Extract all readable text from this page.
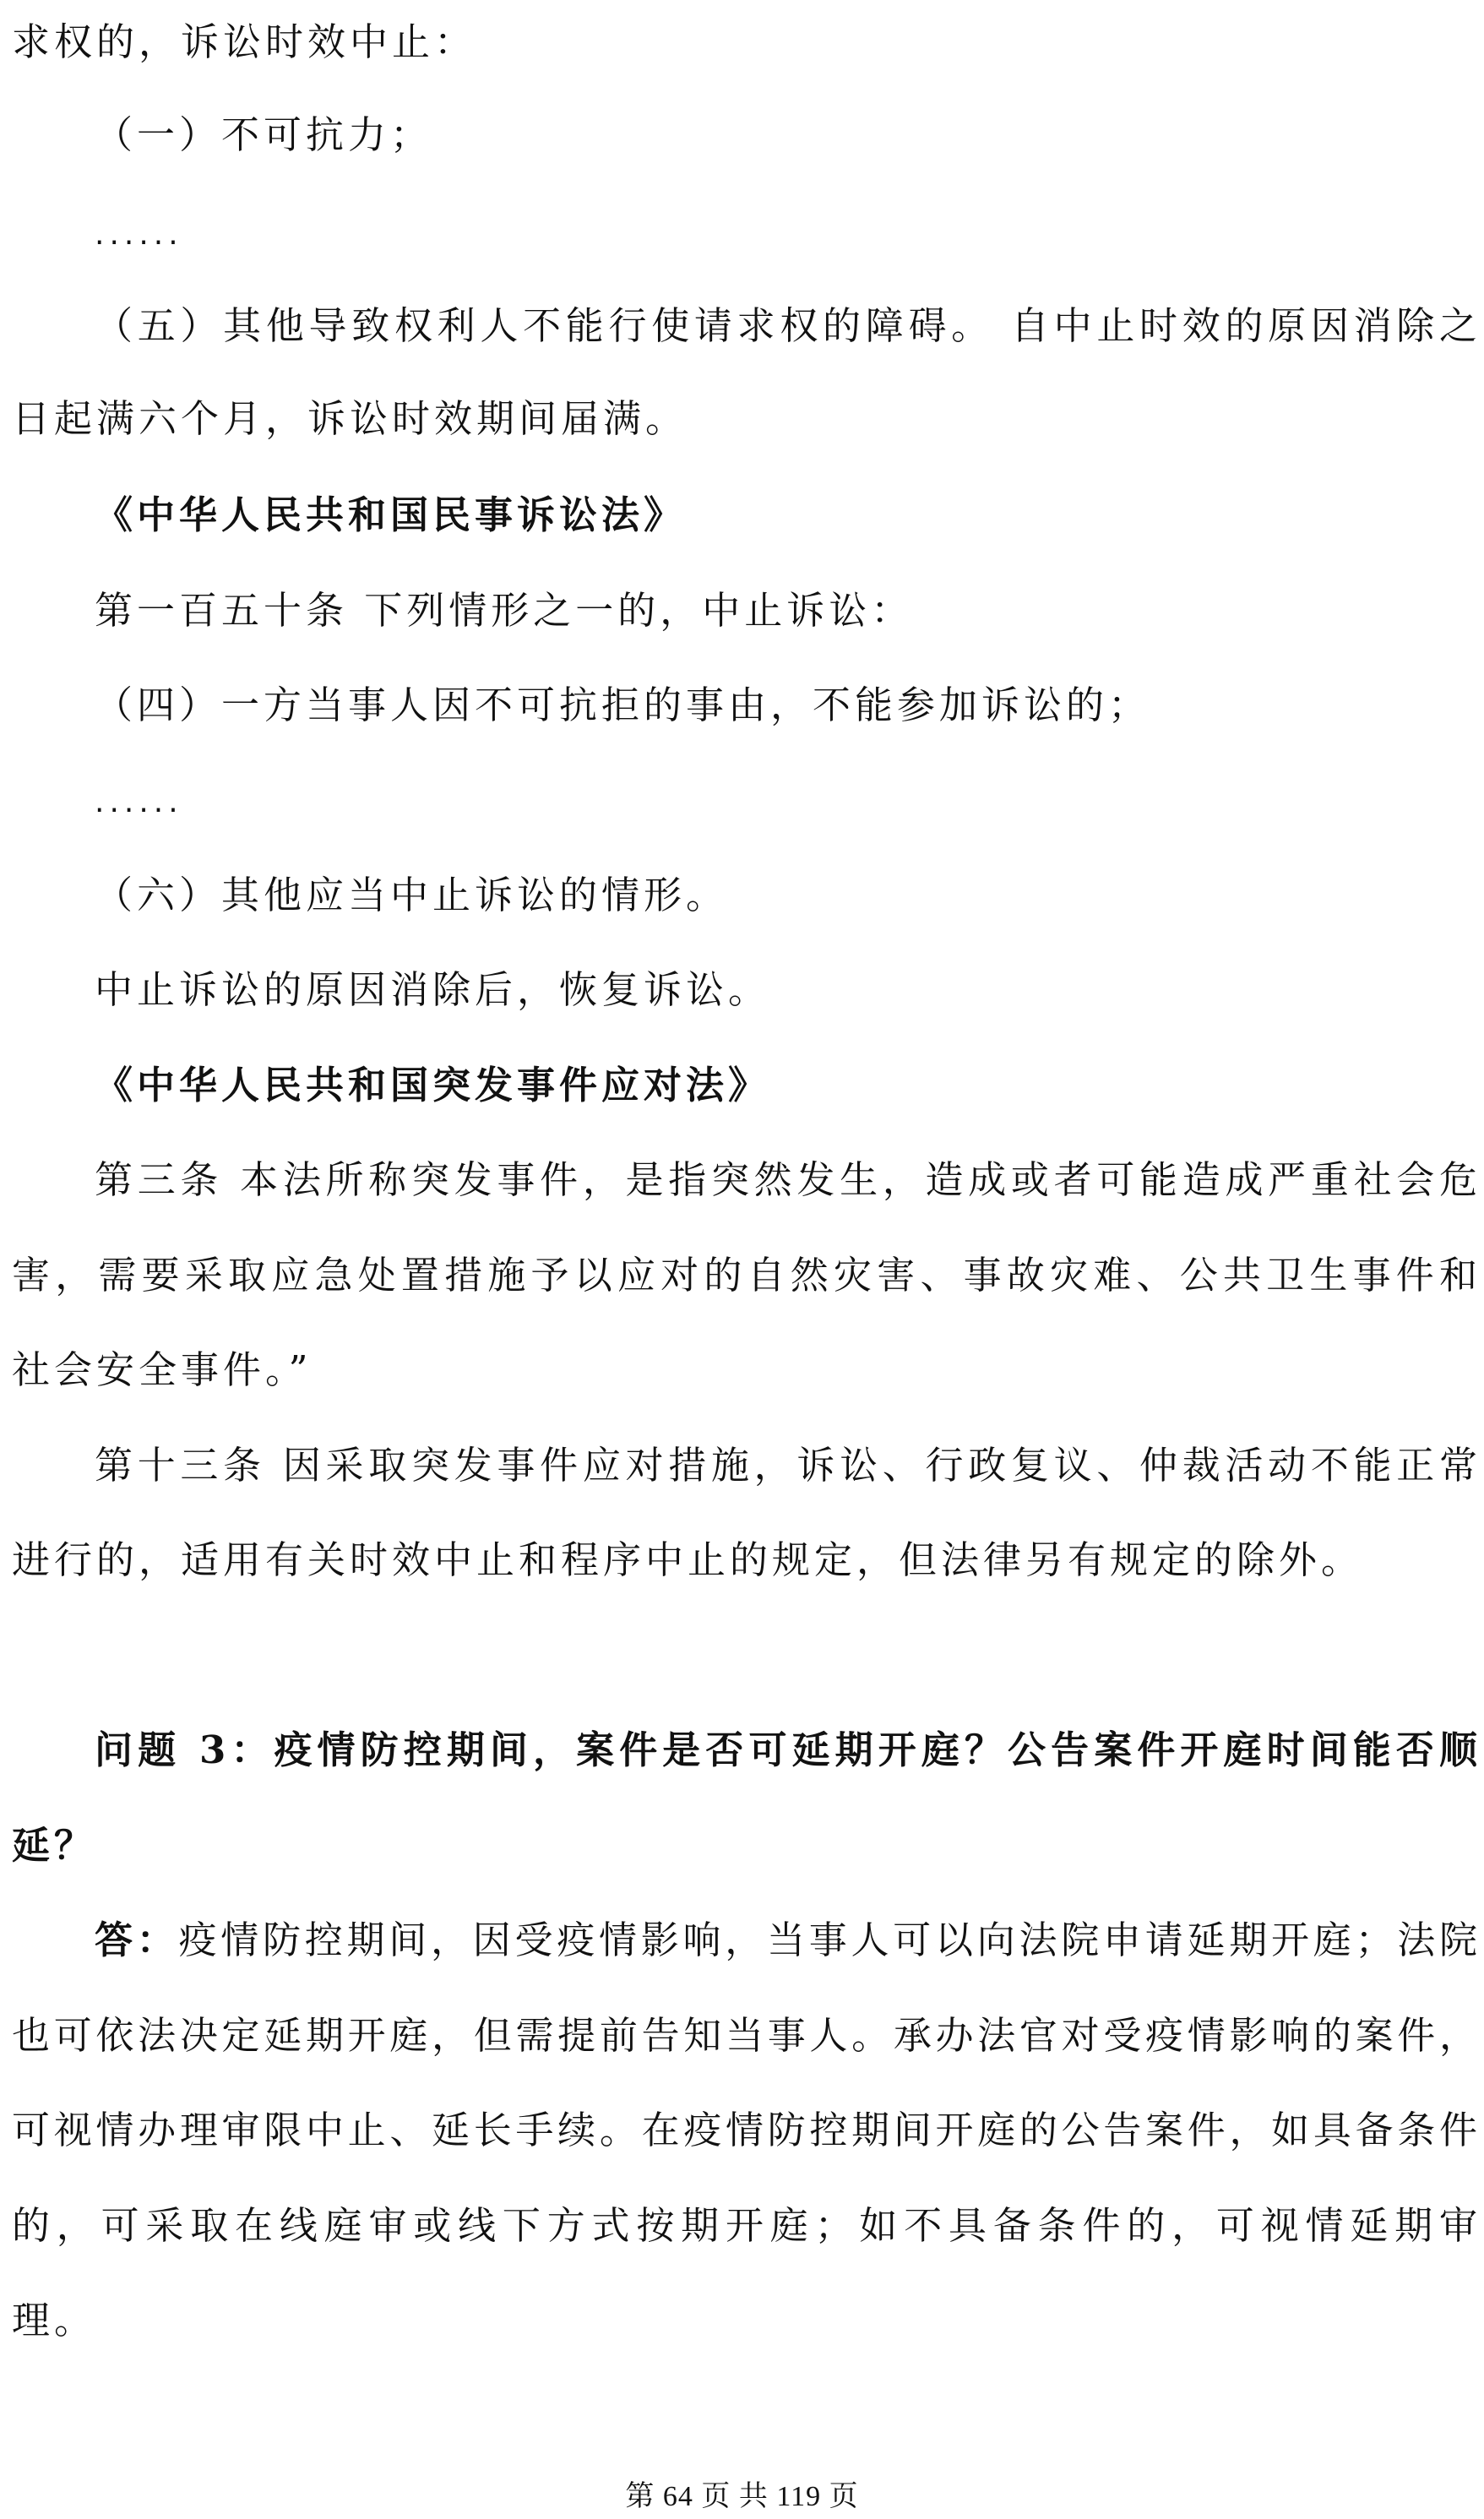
求权的，诉讼时效中止：
（一）不可抗力；
......
（五）其他导致权利人不能行使请求权的障碍。 自中止时效的原因消除之
日起满六个月，诉讼时效期间届满。
《中华人民共和国民事诉讼法》
第一百五十条 下列情形之一的，中止诉讼：
（四）一方当事人因不可抗拒的事由，不能参加诉讼的；
......
（六）其他应当中止诉讼的情形。
中止诉讼的原因消除后，恢复诉讼。
《中华人民共和国突发事件应对法》
第三条 本法所称突发事件，是指突然发生，造成或者可能造成严重社会危
害，需要采取应急处置措施予以应对的自然灾害、事故灾难、公共卫生事件和
社会安全事件。”
第十三条 因采取突发事件应对措施，诉讼、行政复议、仲裁活动不能正常
进行的，适用有关时效中止和程序中止的规定，但法律另有规定的除外。
问题 3：疫情防控期间，案件是否可延期开庭？公告案件开庭时间能否顺
延？
答：疫情防控期间，因受疫情影响，当事人可以向法院申请延期开庭；法院
也可依法决定延期开庭，但需提前告知当事人。承办法官对受疫情影响的案件，
可视情办理审限中止、延长手续。在疫情防控期间开庭的公告案件，如具备条件
的，可采取在线庭审或线下方式按期开庭；如不具备条件的，可视情延期审
理。
第 64 页 共 119 页
